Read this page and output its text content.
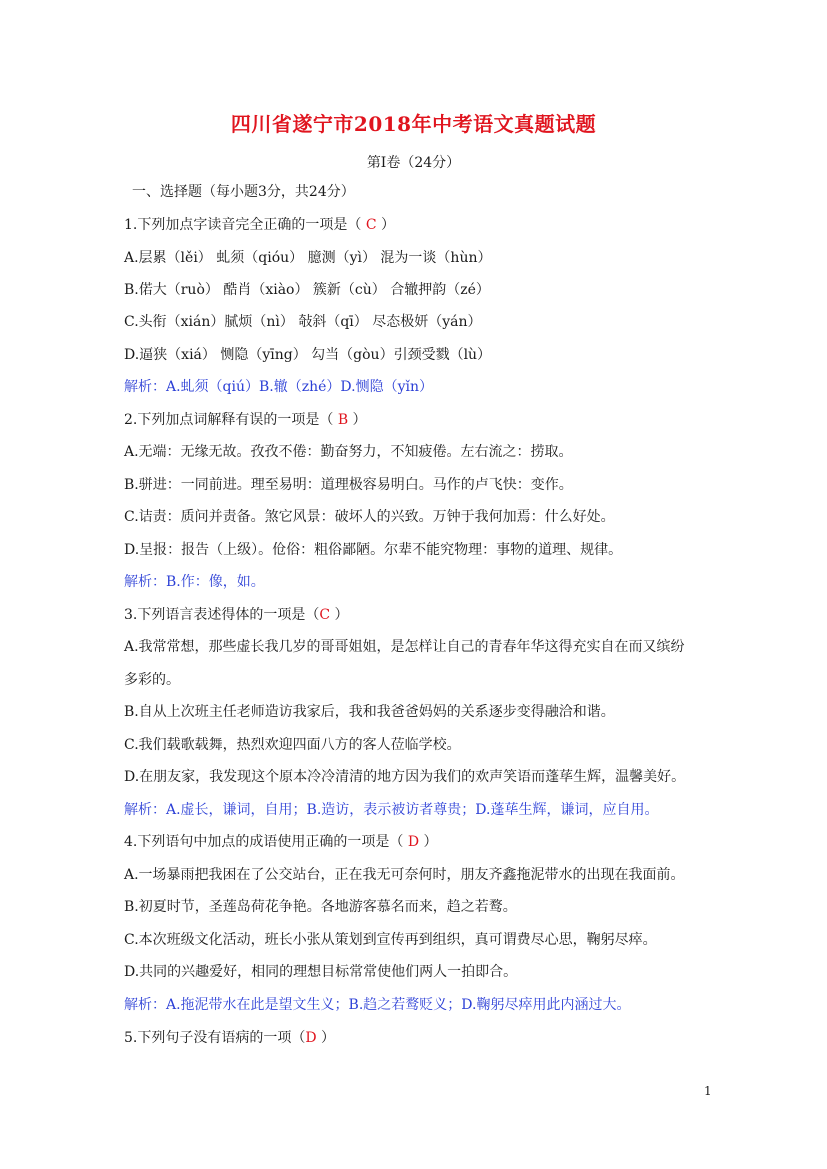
四川省遂宁市2018年中考语文真题试题
第Ⅰ卷（24分）
一、选择题（每小题3分，共24分）
1.下列加点字读音完全正确的一项是（ C ）
A.层累（lěi） 虬须（qióu） 臆测（yì） 混为一谈（hùn）
B.偌大（ruò） 酷肖（xiào） 簇新（cù） 合辙押韵（zé）
C.头衔（xián）腻烦（nì） 敧斜（qī） 尽态极妍（yán）
D.逼狭（xiá） 恻隐（yīng） 勾当（gòu）引颈受戮（lù）
解析：A.虬须（qiú）B.辙（zhé）D.恻隐（yǐn）
2.下列加点词解释有误的一项是（ B ）
A.无端：无缘无故。孜孜不倦：勤奋努力，不知疲倦。左右流之：捞取。
B.骈进：一同前进。理至易明：道理极容易明白。马作的卢飞快：变作。
C.诘责：质问并责备。煞它风景：破坏人的兴致。万钟于我何加焉：什么好处。
D.呈报：报告（上级）。伧俗：粗俗鄙陋。尔辈不能究物理：事物的道理、规律。
解析：B.作：像，如。
3.下列语言表述得体的一项是（C ）
A.我常常想，那些虚长我几岁的哥哥姐姐，是怎样让自己的青春年华这得充实自在而又缤纷
多彩的。
B.自从上次班主任老师造访我家后，我和我爸爸妈妈的关系逐步变得融洽和谐。
C.我们载歌载舞，热烈欢迎四面八方的客人莅临学校。
D.在朋友家，我发现这个原本冷冷清清的地方因为我们的欢声笑语而蓬荜生辉，温馨美好。
解析：A.虚长，谦词，自用；B.造访，表示被访者尊贵；D.蓬荜生辉，谦词，应自用。
4.下列语句中加点的成语使用正确的一项是（ D ）
A.一场暴雨把我困在了公交站台，正在我无可奈何时，朋友齐鑫拖泥带水的出现在我面前。
B.初夏时节，圣莲岛荷花争艳。各地游客慕名而来，趋之若鹜。
C.本次班级文化活动，班长小张从策划到宣传再到组织，真可谓费尽心思，鞠躬尽瘁。
D.共同的兴趣爱好，相同的理想目标常常使他们两人一拍即合。
解析：A.拖泥带水在此是望文生义；B.趋之若鹜贬义；D.鞠躬尽瘁用此内涵过大。
5.下列句子没有语病的一项（D ）
1
